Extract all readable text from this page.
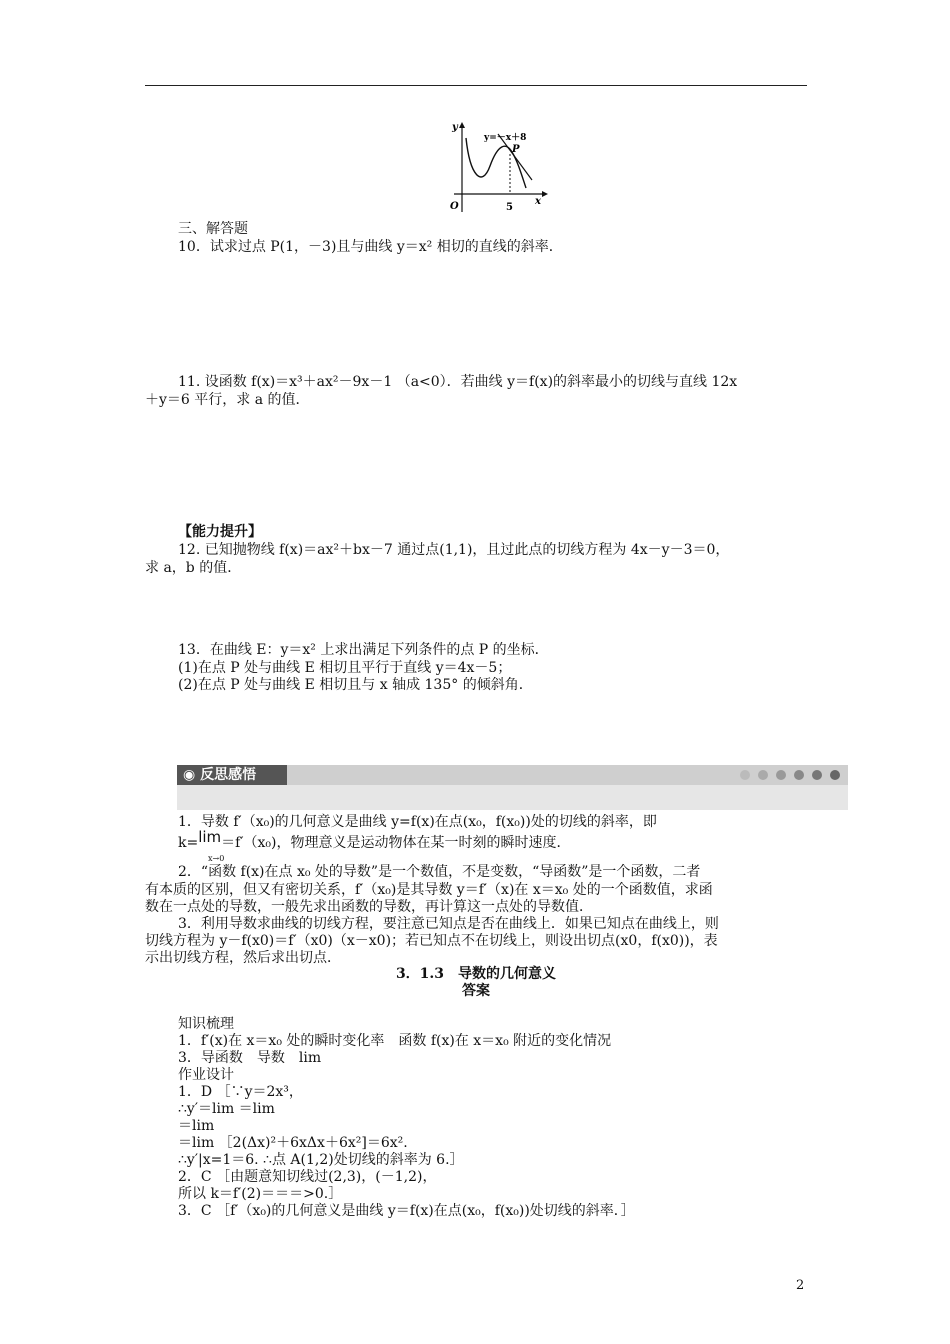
y
x
O
y=－x＋8
P
5
三、解答题
10．试求过点 P(1，－3)且与曲线 y＝x² 相切的直线的斜率．
11. 设函数 f(x)＝x³＋ax²－9x－1 （a<0）．若曲线 y＝f(x)的斜率最小的切线与直线 12x
＋y＝6 平行，求 a 的值．
【能力提升】
12. 已知抛物线 f(x)＝ax²＋bx－7 通过点(1,1)，且过此点的切线方程为 4x－y－3＝0，
求 a，b 的值．
13．在曲线 E：y＝x² 上求出满足下列条件的点 P 的坐标．
(1)在点 P 处与曲线 E 相切且平行于直线 y＝4x－5；
(2)在点 P 处与曲线 E 相切且与 x 轴成 135° 的倾斜角．
◉ 反思感悟
1．导数 f′（x₀)的几何意义是曲线 y=f(x)在点(x₀，f(x₀))处的切线的斜率，即
k=lim
x→0
＝f′（x₀)，物理意义是运动物体在某一时刻的瞬时速度．
2．“函数 f(x)在点 x₀ 处的导数”是一个数值，不是变数，“导函数”是一个函数，二者
有本质的区别，但又有密切关系，f′（x₀)是其导数 y＝f′（x)在 x＝x₀ 处的一个函数值，求函
数在一点处的导数，一般先求出函数的导数，再计算这一点处的导数值．
3．利用导数求曲线的切线方程，要注意已知点是否在曲线上．如果已知点在曲线上，则
切线方程为 y－f(x0)＝f′（x0)（x－x0)；若已知点不在切线上，则设出切点(x0，f(x0))，表
示出切线方程，然后求出切点．
3．1.3　导数的几何意义
答案
知识梳理
1．f′(x)在 x＝x₀ 处的瞬时变化率　函数 f(x)在 x＝x₀ 附近的变化情况
3．导函数　导数　lim
作业设计
1．D ［∵y＝2x³，
∴y′＝lim ＝lim
＝lim
＝lim ［2(Δx)²＋6xΔx＋6x²]＝6x².
∴y′|x=1＝6. ∴点 A(1,2)处切线的斜率为 6.］
2．C ［由题意知切线过(2,3)，(－1,2)，
所以 k＝f′(2)＝＝＝>0.］
3．C ［f′（x₀)的几何意义是曲线 y＝f(x)在点(x₀，f(x₀))处切线的斜率．］
2
